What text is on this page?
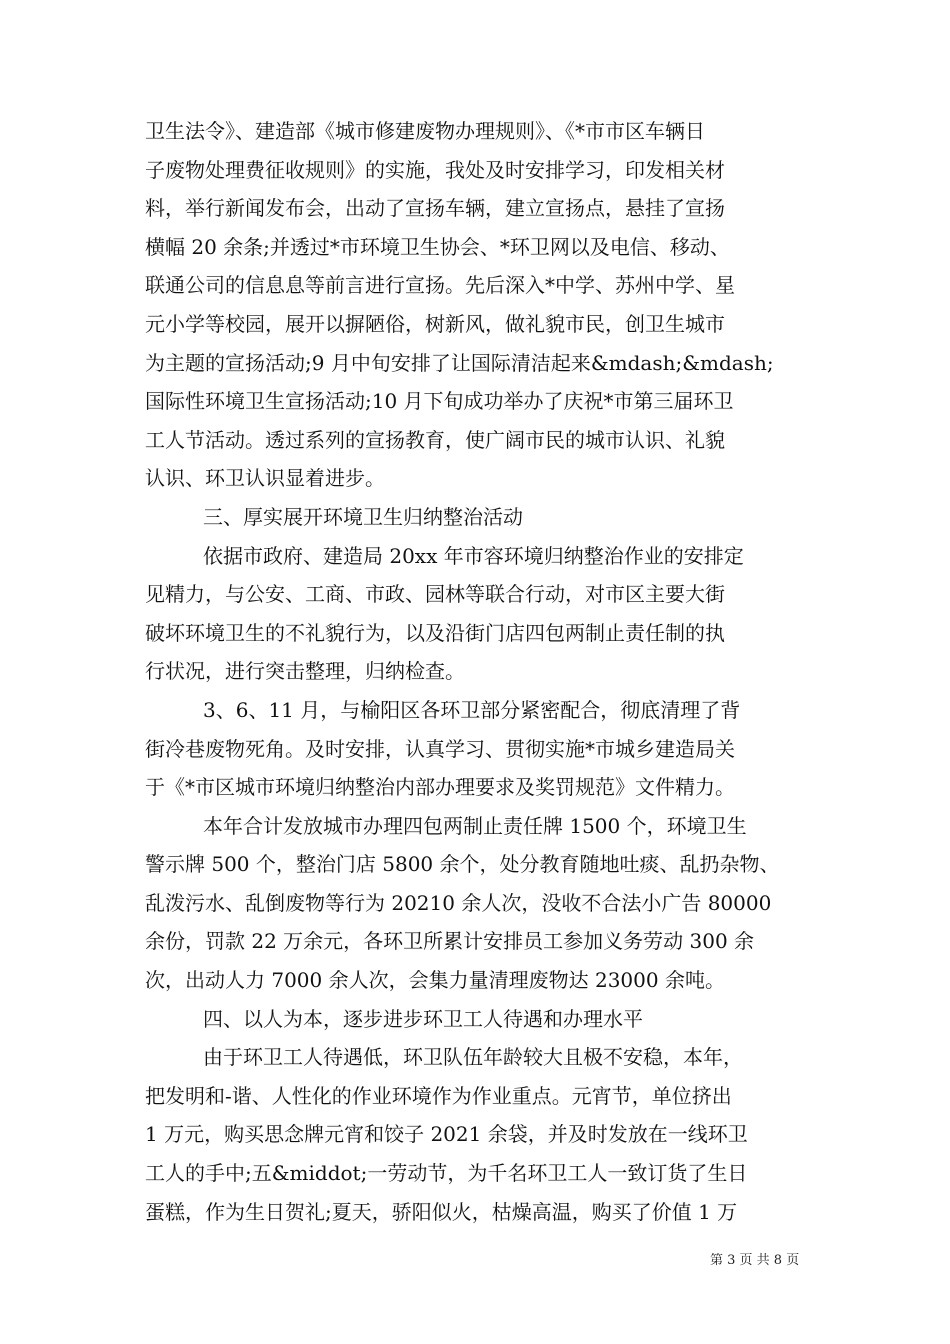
卫生法令》、建造部《城市修建废物办理规则》、《*市市区车辆日
子废物处理费征收规则》的实施，我处及时安排学习，印发相关材
料，举行新闻发布会，出动了宣扬车辆，建立宣扬点，悬挂了宣扬
横幅 20 余条;并透过*市环境卫生协会、*环卫网以及电信、移动、
联通公司的信息息等前言进行宣扬。先后深入*中学、苏州中学、星
元小学等校园，展开以摒陋俗，树新风，做礼貌市民，创卫生城市
为主题的宣扬活动;9 月中旬安排了让国际清洁起来&mdash;&mdash;
国际性环境卫生宣扬活动;10 月下旬成功举办了庆祝*市第三届环卫
工人节活动。透过系列的宣扬教育，使广阔市民的城市认识、礼貌
认识、环卫认识显着进步。
三、厚实展开环境卫生归纳整治活动
依据市政府、建造局 20xx 年市容环境归纳整治作业的安排定
见精力，与公安、工商、市政、园林等联合行动，对市区主要大街
破坏环境卫生的不礼貌行为，以及沿街门店四包两制止责任制的执
行状况，进行突击整理，归纳检查。
3、6、11 月，与榆阳区各环卫部分紧密配合，彻底清理了背
街冷巷废物死角。及时安排，认真学习、贯彻实施*市城乡建造局关
于《*市区城市环境归纳整治内部办理要求及奖罚规范》文件精力。
本年合计发放城市办理四包两制止责任牌 1500 个，环境卫生
警示牌 500 个，整治门店 5800 余个，处分教育随地吐痰、乱扔杂物、
乱泼污水、乱倒废物等行为 20210 余人次，没收不合法小广告 80000
余份，罚款 22 万余元，各环卫所累计安排员工参加义务劳动 300 余
次，出动人力 7000 余人次，会集力量清理废物达 23000 余吨。
四、以人为本，逐步进步环卫工人待遇和办理水平
由于环卫工人待遇低，环卫队伍年龄较大且极不安稳，本年，
把发明和-谐、人性化的作业环境作为作业重点。元宵节，单位挤出
1 万元，购买思念牌元宵和饺子 2021 余袋，并及时发放在一线环卫
工人的手中;五&middot;一劳动节，为千名环卫工人一致订货了生日
蛋糕，作为生日贺礼;夏天，骄阳似火，枯燥高温，购买了价值 1 万
第 3 页 共 8 页
